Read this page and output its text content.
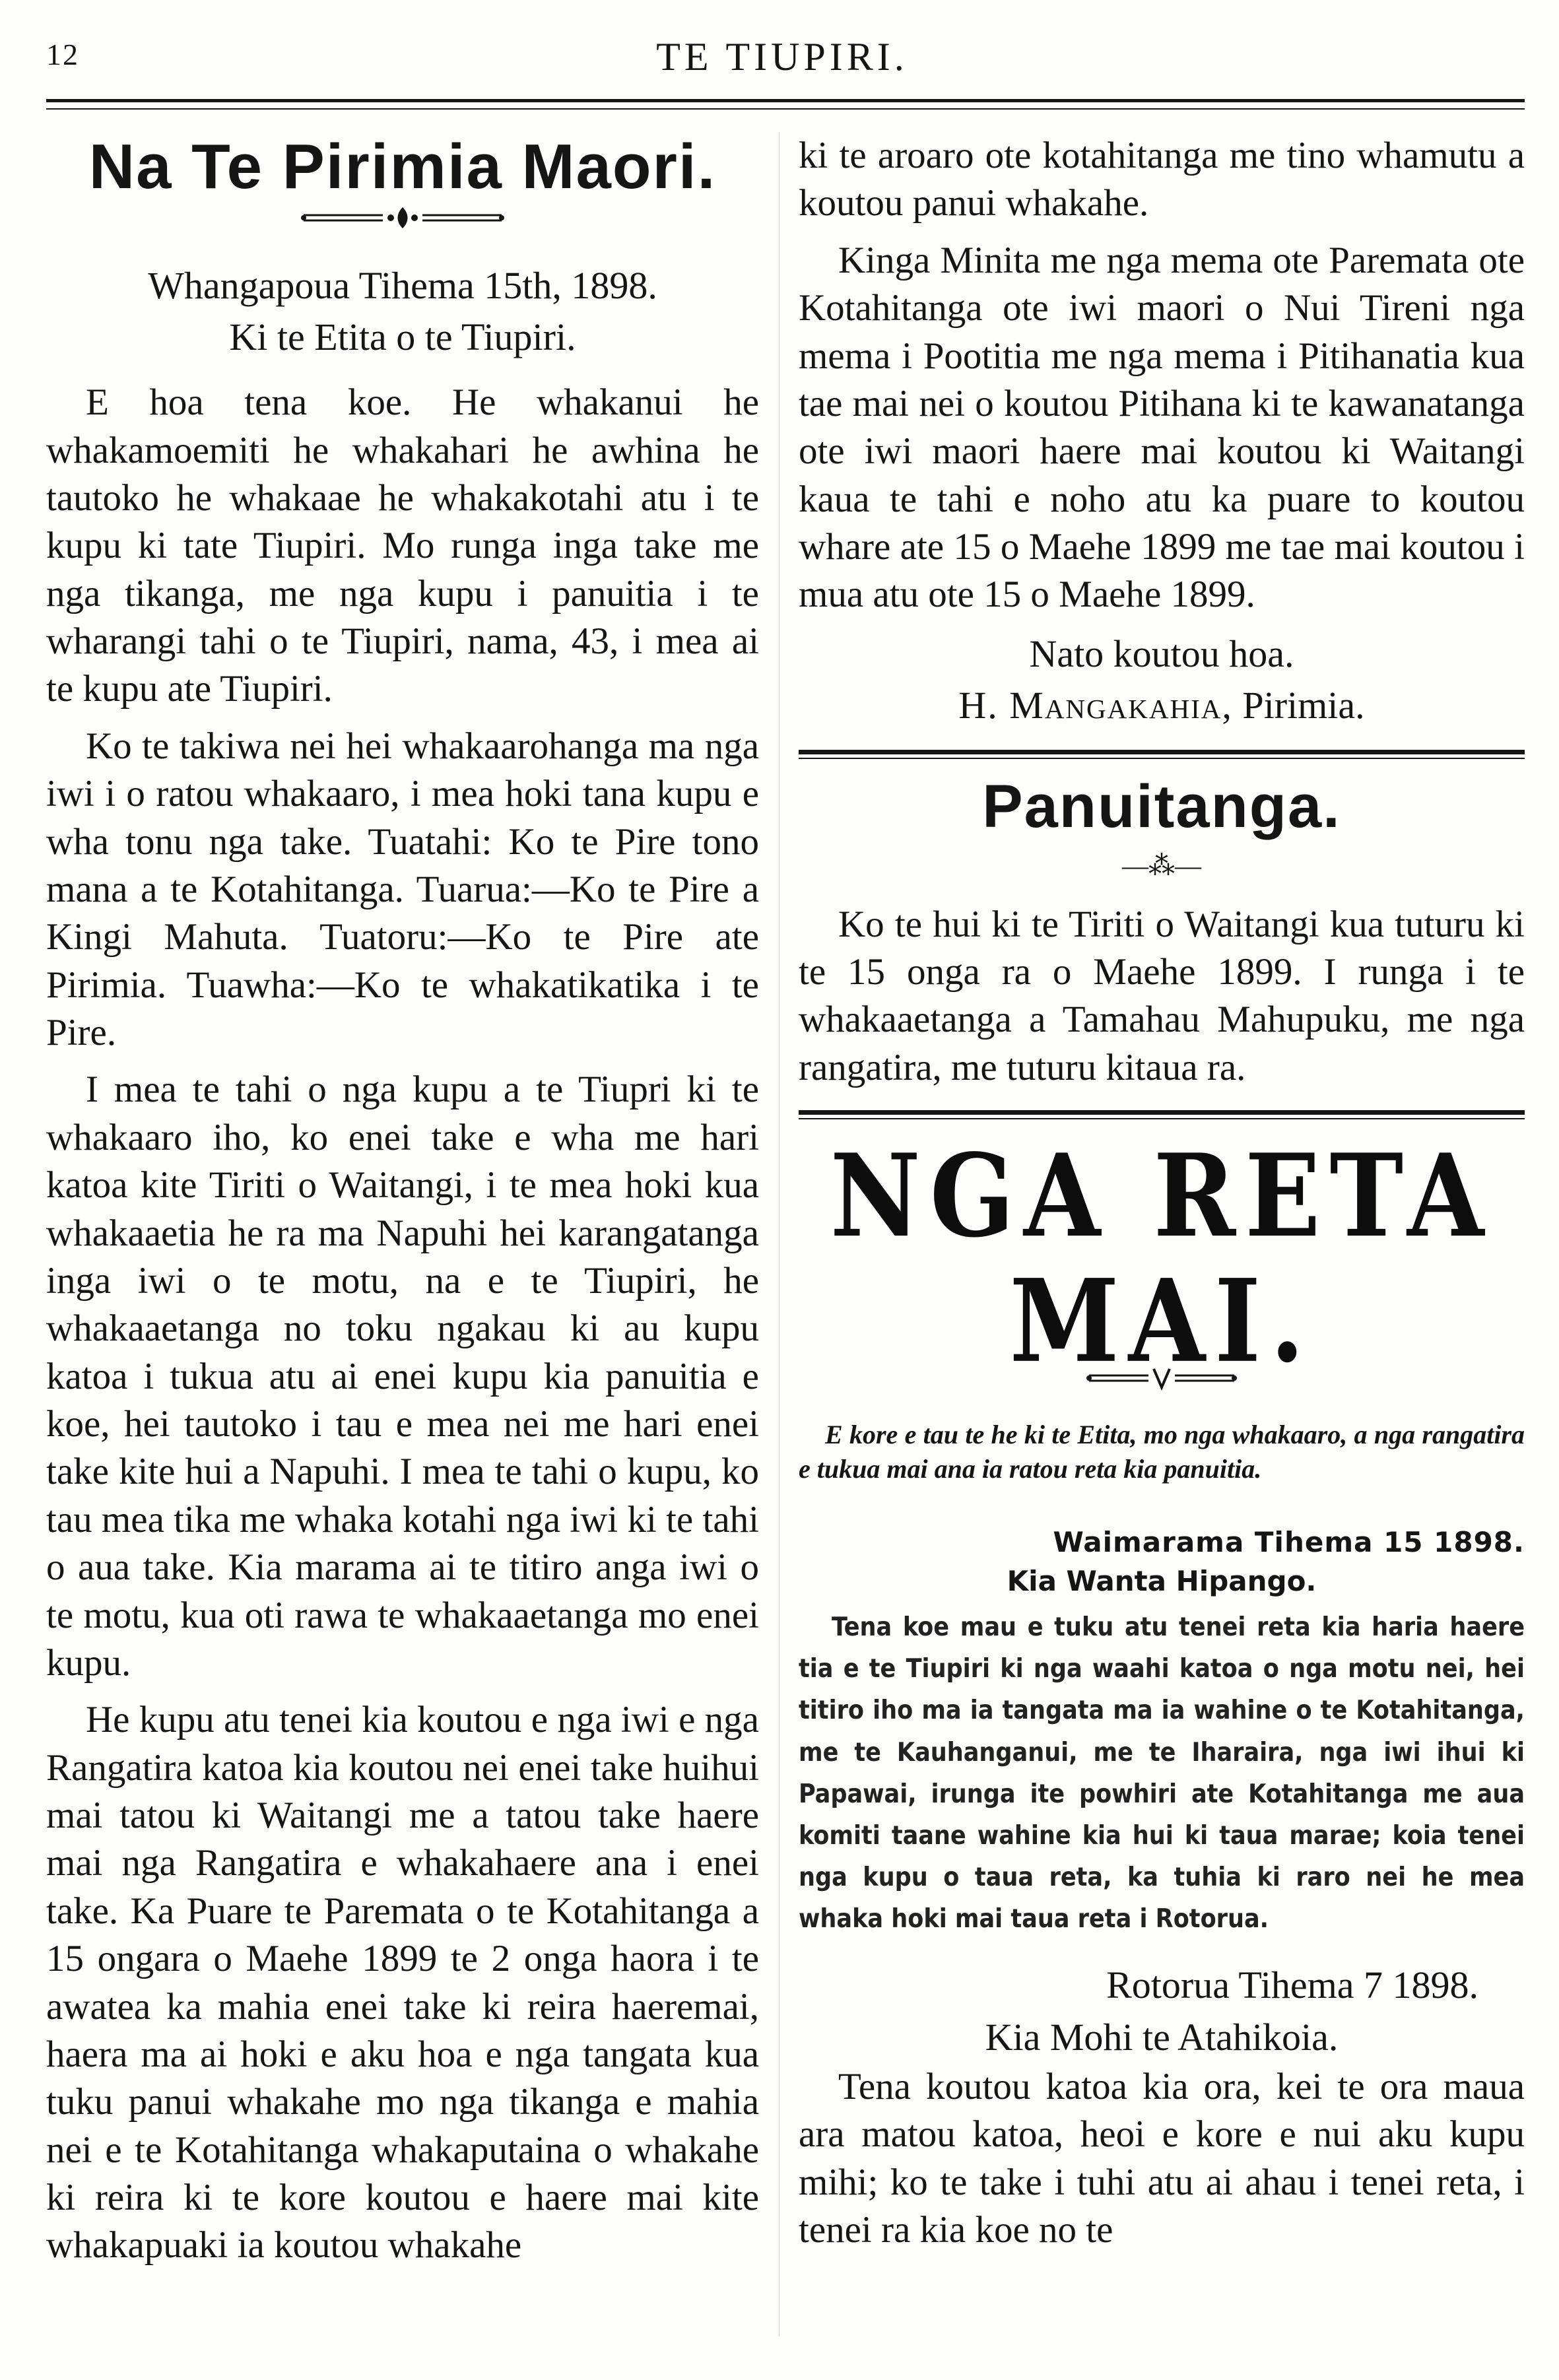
12	TE TIUPIRI.
Na Te Pirimia Maori.
Whangapoua Tihema 15th, 1898.
Ki te Etita o te Tiupiri.

E hoa tena koe. He whakanui he whakamoemiti he whakahari he awhina he tautoko he whakaae he whakakotahi atu i te kupu ki tate Tiupiri. Mo runga inga take me nga tikanga, me nga kupu i panuitia i te wharangi tahi o te Tiupiri, nama, 43, i mea ai te kupu ate Tiupiri.

Ko te takiwa nei hei whakaarohanga ma nga iwi i o ratou whakaaro, i mea hoki tana kupu e wha tonu nga take. Tuatahi: Ko te Pire tono mana a te Kotahitanga. Tuarua:—Ko te Pire a Kingi Mahuta. Tuatoru:—Ko te Pire ate Pirimia. Tuawha:—Ko te whakatikatika i te Pire.

I mea te tahi o nga kupu a te Tiupri ki te whakaaro iho, ko enei take e wha me hari katoa kite Tiriti o Waitangi, i te mea hoki kua whakaaetia he ra ma Napuhi hei karangatanga inga iwi o te motu, na e te Tiupiri, he whakaaetanga no toku ngakau ki au kupu katoa i tukua atu ai enei kupu kia panuitia e koe, hei tautoko i tau e mea nei me hari enei take kite hui a Napuhi. I mea te tahi o kupu, ko tau mea tika me whaka kotahi nga iwi ki te tahi o aua take. Kia marama ai te titiro anga iwi o te motu, kua oti rawa te whakaaetanga mo enei kupu.

He kupu atu tenei kia koutou e nga iwi e nga Rangatira katoa kia koutou nei enei take huihui mai tatou ki Waitangi me a tatou take haere mai nga Rangatira e whakahaere ana i enei take. Ka Puare te Paremata o te Kotahitanga a 15 ongara o Maehe 1899 te 2 onga haora i te awatea ka mahia enei take ki reira haeremai, haera ma ai hoki e aku hoa e nga tangata kua tuku panui whakahe mo nga tikanga e mahia nei e te Kotahitanga whakaputaina o whakahe ki reira ki te kore koutou e haere mai kite whakapuaki ia koutou whakahe

ki te aroaro ote kotahitanga me tino whamutu a koutou panui whakahe.

Kinga Minita me nga mema ote Paremata ote Kotahitanga ote iwi maori o Nui Tireni nga mema i Pootitia me nga mema i Pitihanatia kua tae mai nei o koutou Pitihana ki te kawanatanga ote iwi maori haere mai koutou ki Waitangi kaua te tahi e noho atu ka puare to koutou whare ate 15 o Maehe 1899 me tae mai koutou i mua atu ote 15 o Maehe 1899.

Nato koutou hoa.
H. Mangakahia, Pirimia.
Panuitanga.
—⁂—

Ko te hui ki te Tiriti o Waitangi kua tuturu ki te 15 onga ra o Maehe 1899. I runga i te whakaaetanga a Tamahau Mahupuku, me nga rangatira, me tuturu kitaua ra.

NGA RETA MAI.

E kore e tau te he ki te Etita, mo nga whakaaro, a nga rangatira e tukua mai ana ia ratou reta kia panuitia.

Waimarama Tihema 15 1898.
Kia Wanta Hipango.

Tena koe mau e tuku atu tenei reta kia haria haere tia e te Tiupiri ki nga waahi katoa o nga motu nei, hei titiro iho ma ia tangata ma ia wahine o te Kotahitanga, me te Kauhanganui, me te Iharaira, nga iwi ihui ki Papawai, irunga ite powhiri ate Kotahitanga me aua komiti taane wahine kia hui ki taua marae; koia tenei nga kupu o taua reta, ka tuhia ki raro nei he mea whaka hoki mai taua reta i Rotorua.

Rotorua Tihema 7 1898.
Kia Mohi te Atahikoia.

Tena koutou katoa kia ora, kei te ora maua ara matou katoa, heoi e kore e nui aku kupu mihi; ko te take i tuhi atu ai ahau i tenei reta, i tenei ra kia koe no te
